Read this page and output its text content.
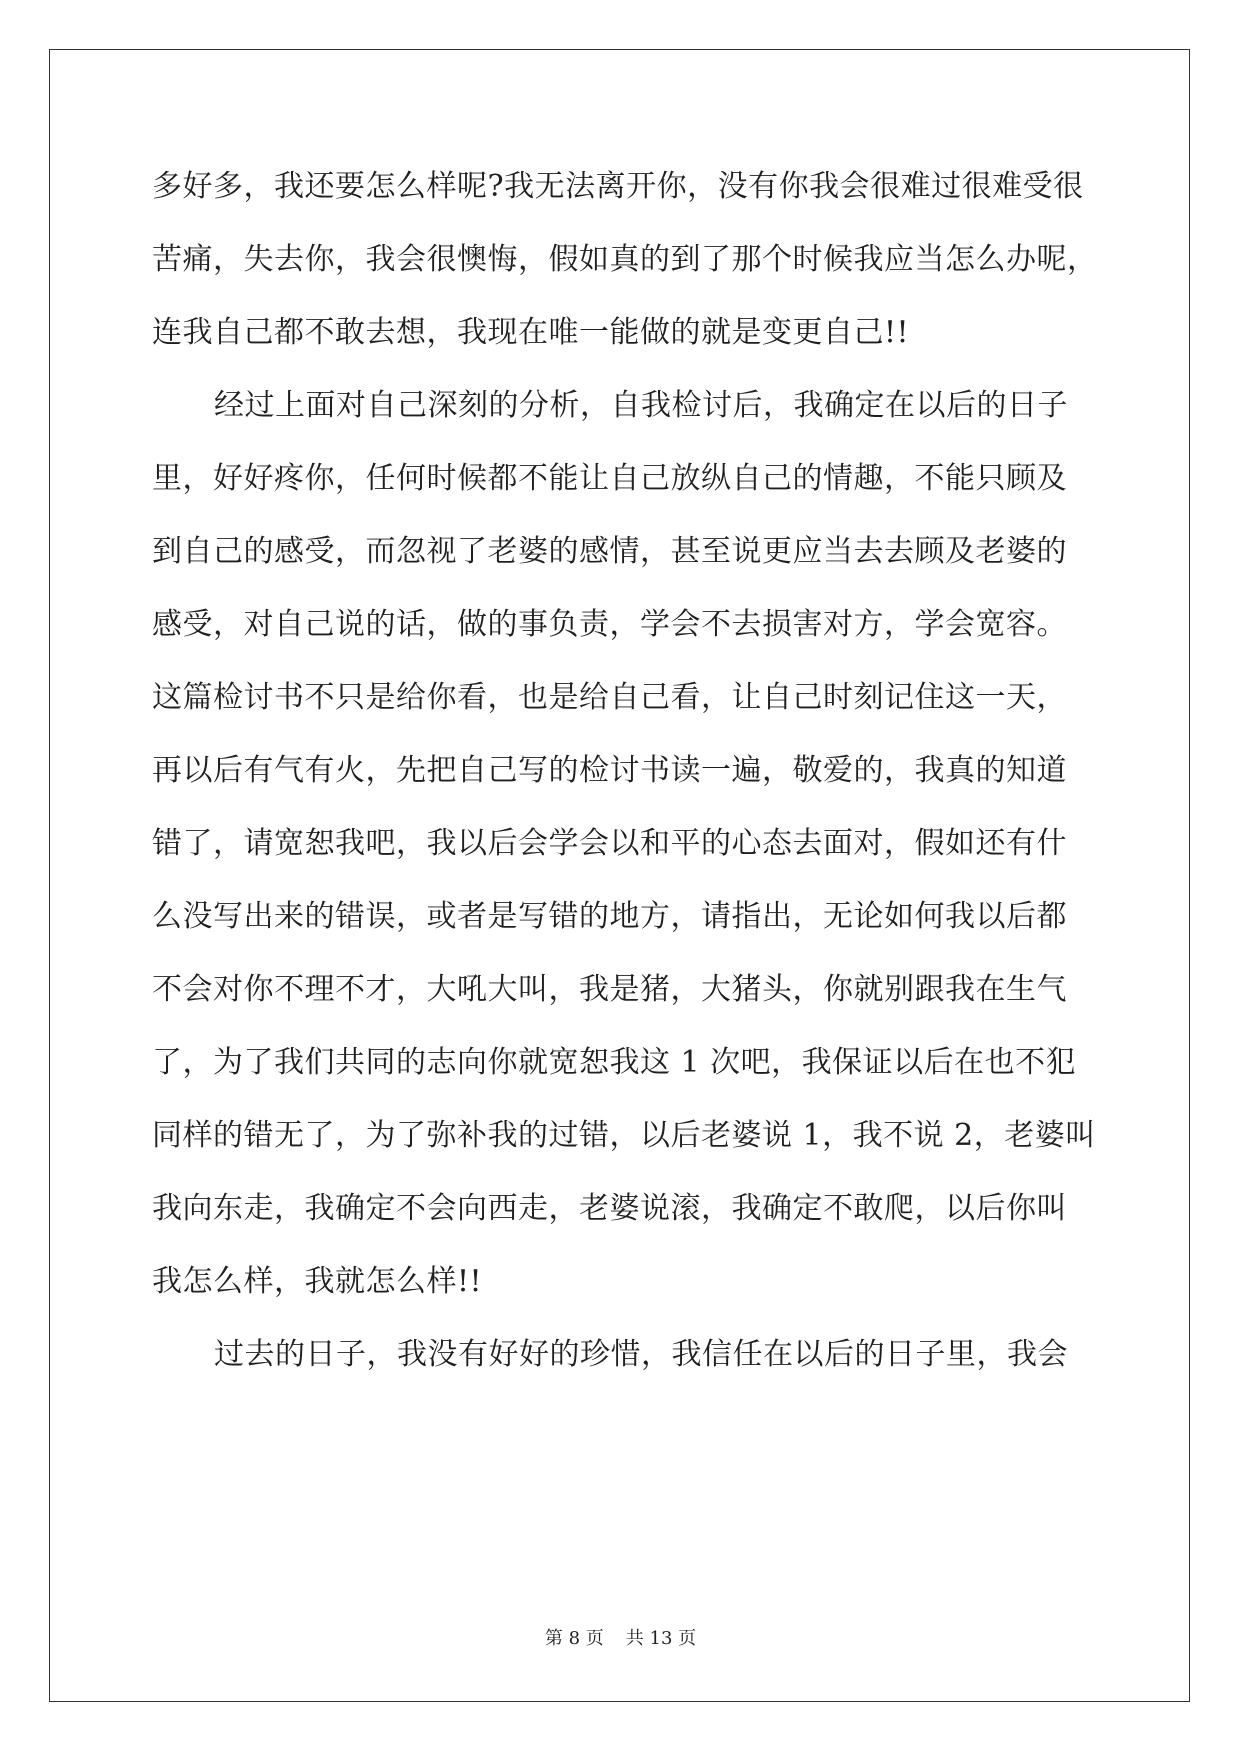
多好多，我还要怎么样呢?我无法离开你，没有你我会很难过很难受很
苦痛，失去你，我会很懊悔，假如真的到了那个时候我应当怎么办呢，
连我自己都不敢去想，我现在唯一能做的就是变更自己!!
经过上面对自己深刻的分析，自我检讨后，我确定在以后的日子
里，好好疼你，任何时候都不能让自己放纵自己的情趣，不能只顾及
到自己的感受，而忽视了老婆的感情，甚至说更应当去去顾及老婆的
感受，对自己说的话，做的事负责，学会不去损害对方，学会宽容。
这篇检讨书不只是给你看，也是给自己看，让自己时刻记住这一天，
再以后有气有火，先把自己写的检讨书读一遍，敬爱的，我真的知道
错了，请宽恕我吧，我以后会学会以和平的心态去面对，假如还有什
么没写出来的错误，或者是写错的地方，请指出，无论如何我以后都
不会对你不理不才，大吼大叫，我是猪，大猪头，你就别跟我在生气
了，为了我们共同的志向你就宽恕我这 1 次吧，我保证以后在也不犯
同样的错无了，为了弥补我的过错，以后老婆说 1，我不说 2，老婆叫
我向东走，我确定不会向西走，老婆说滚，我确定不敢爬，以后你叫
我怎么样，我就怎么样!!
过去的日子，我没有好好的珍惜，我信任在以后的日子里，我会
第 8 页 共 13 页
